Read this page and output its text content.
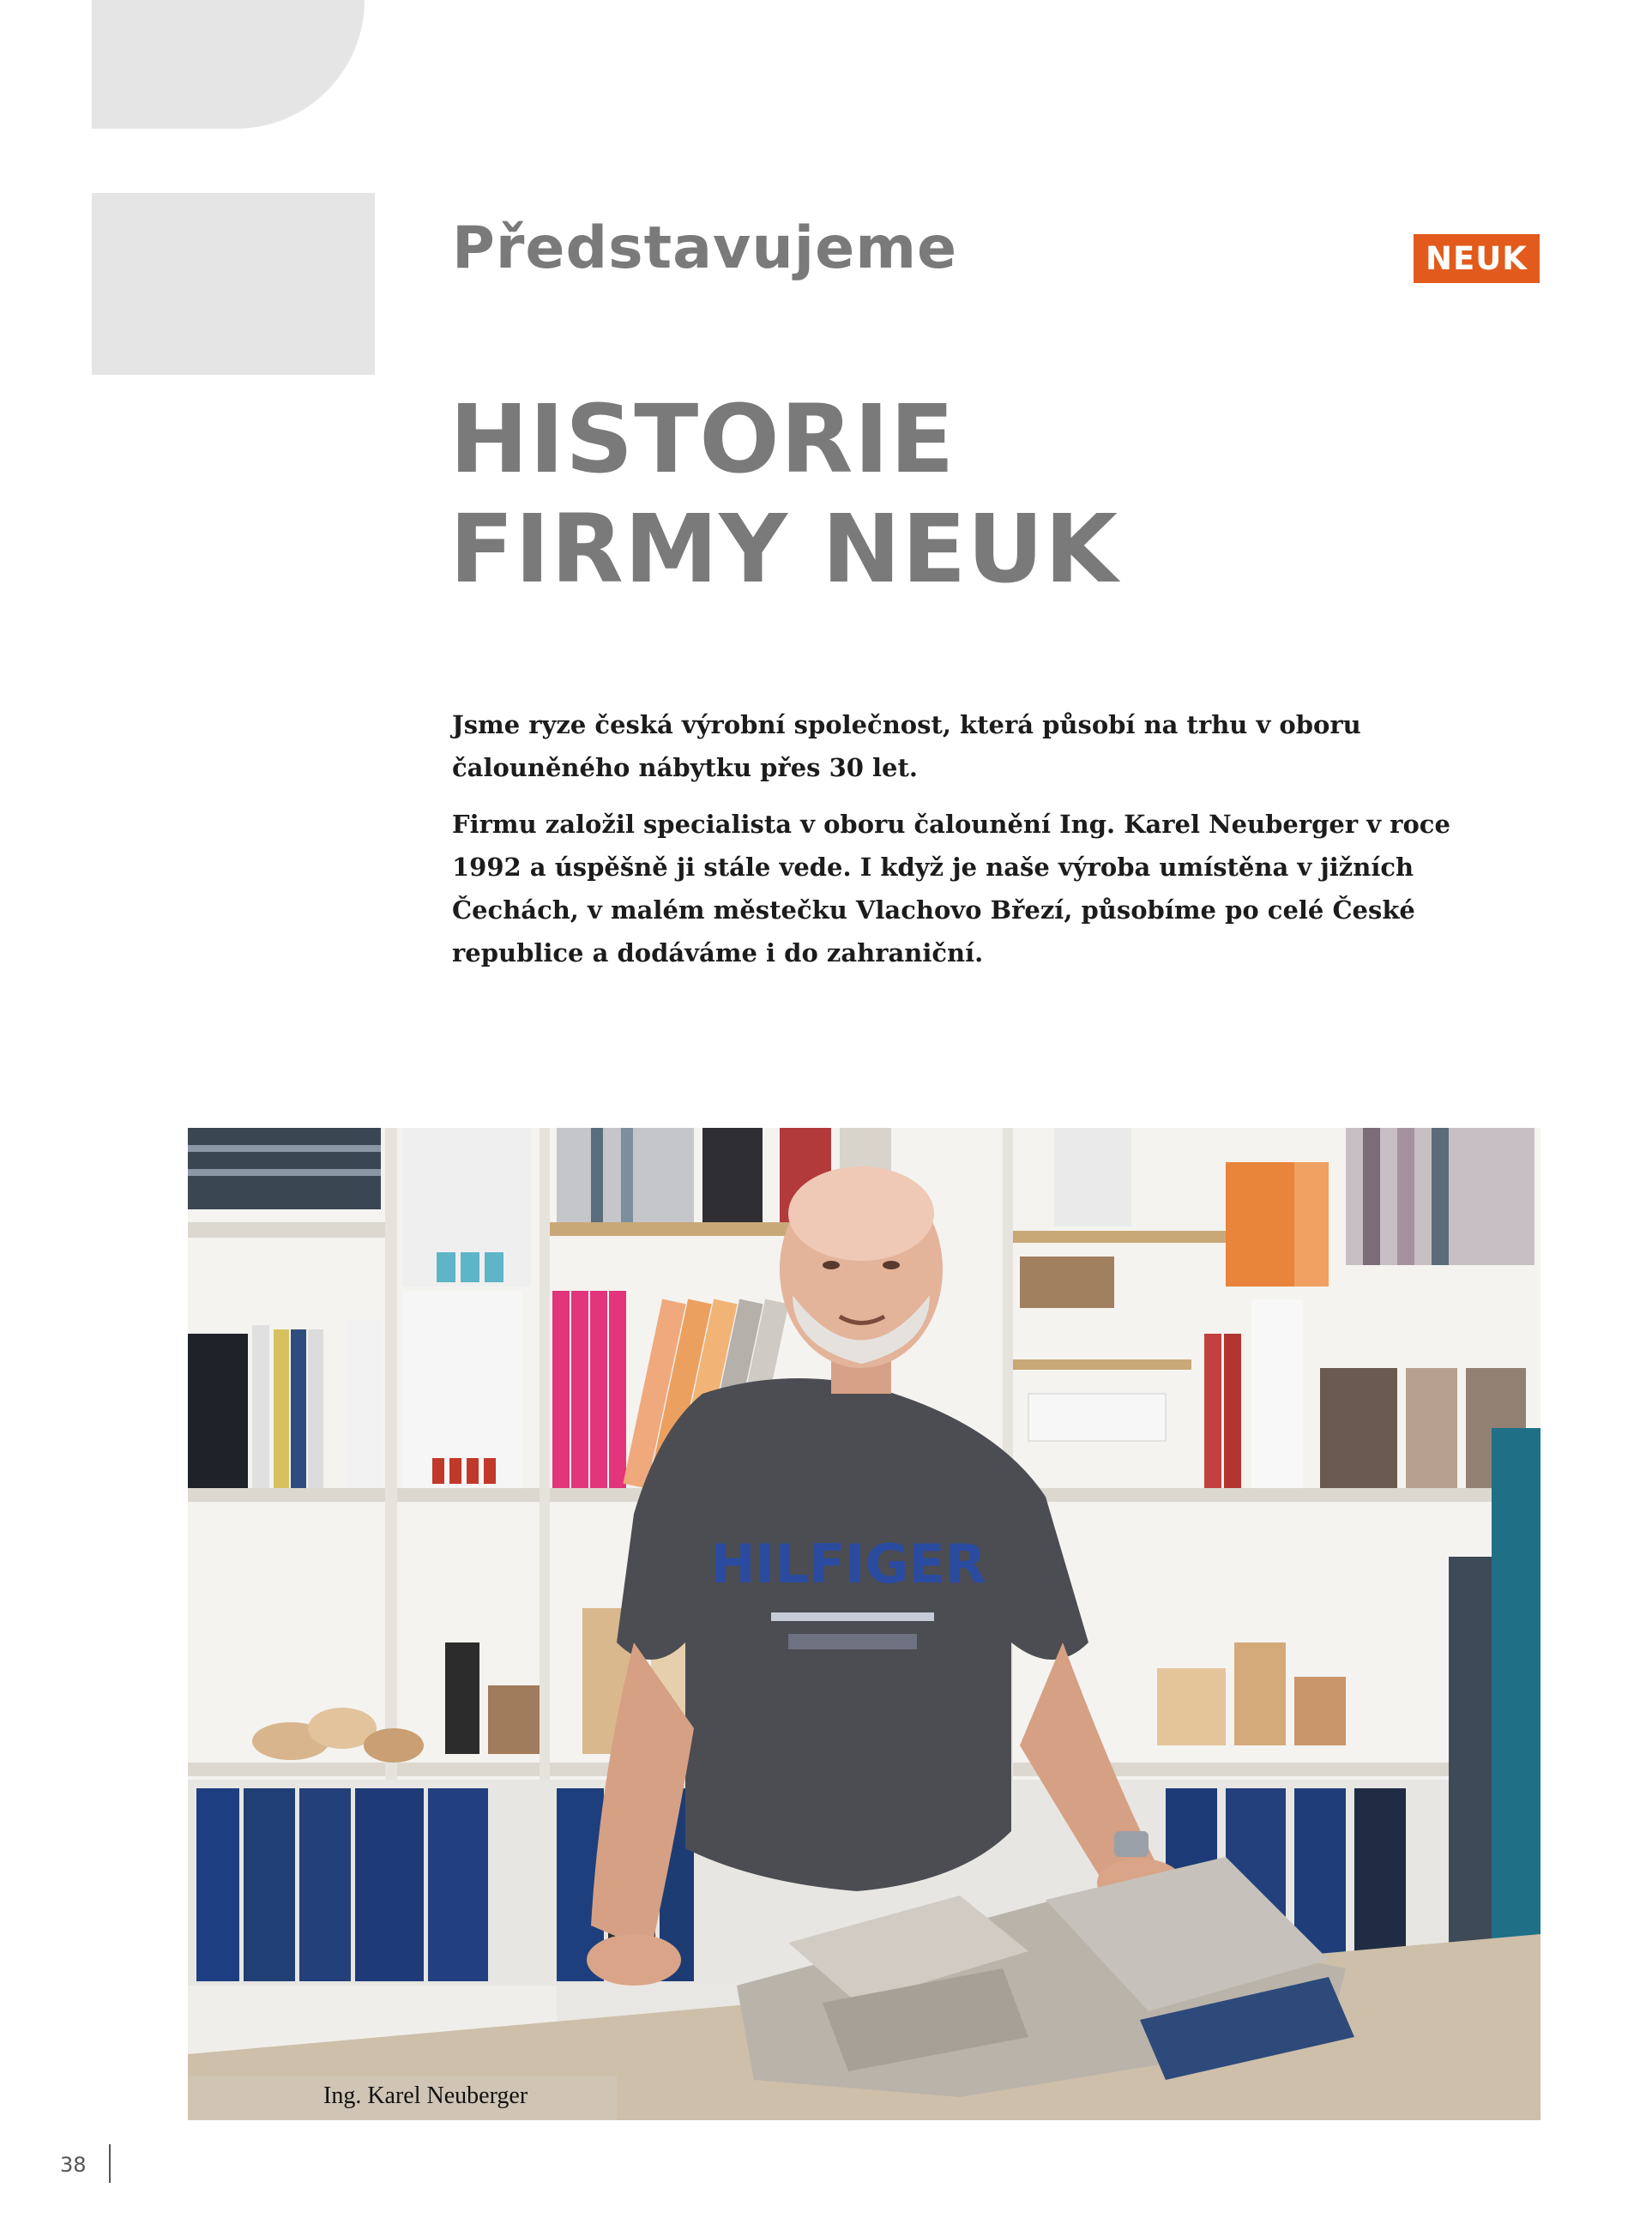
Představujeme	NEUK
HISTORIE
FIRMY NEUK

Jsme ryze česká výrobní společnost, která působí na trhu v oboru čalouněného nábytku přes 30 let.

Firmu založil specialista v oboru čalounění Ing. Karel Neuberger v roce 1992 a úspěšně ji stále vede. I když je naše výroba umístěna v jižních Čechách, v malém městečku Vlachovo Březí, působíme po celé České republice a dodáváme i do zahraniční.

HILFIGER
Ing. Karel Neuberger
38
